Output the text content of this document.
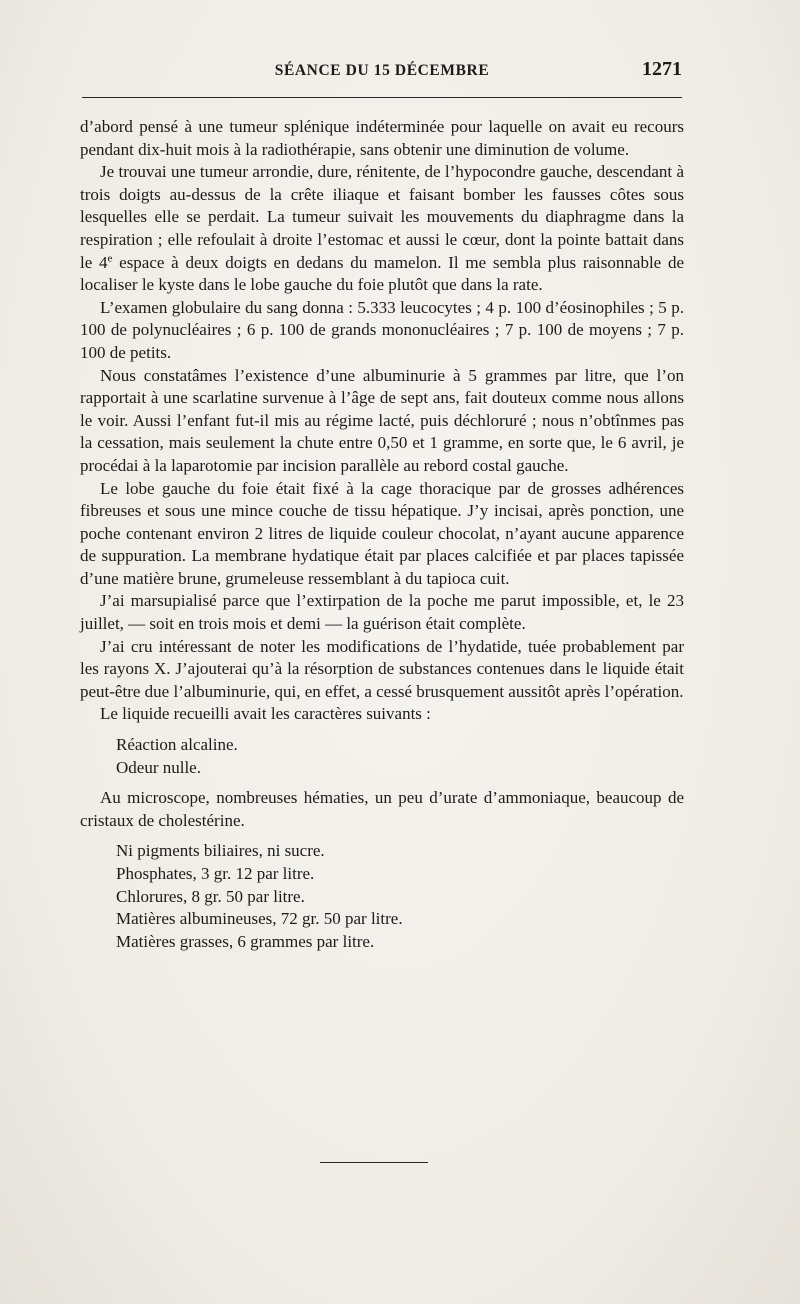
SÉANCE DU 15 DÉCEMBRE	1271

d’abord pensé à une tumeur splénique indéterminée pour laquelle on avait eu recours pendant dix-huit mois à la radiothérapie, sans obtenir une diminution de volume.

Je trouvai une tumeur arrondie, dure, rénitente, de l’hypocondre gauche, descendant à trois doigts au-dessus de la crête iliaque et faisant bomber les fausses côtes sous lesquelles elle se perdait. La tumeur suivait les mouvements du diaphragme dans la respiration ; elle refoulait à droite l’estomac et aussi le cœur, dont la pointe battait dans le 4e espace à deux doigts en dedans du mamelon. Il me sembla plus raisonnable de localiser le kyste dans le lobe gauche du foie plutôt que dans la rate.

L’examen globulaire du sang donna : 5.333 leucocytes ; 4 p. 100 d’éosinophiles ; 5 p. 100 de polynucléaires ; 6 p. 100 de grands mononucléaires ; 7 p. 100 de moyens ; 7 p. 100 de petits.

Nous constatâmes l’existence d’une albuminurie à 5 grammes par litre, que l’on rapportait à une scarlatine survenue à l’âge de sept ans, fait douteux comme nous allons le voir. Aussi l’enfant fut-il mis au régime lacté, puis déchloruré ; nous n’obtînmes pas la cessation, mais seulement la chute entre 0,50 et 1 gramme, en sorte que, le 6 avril, je procédai à la laparotomie par incision parallèle au rebord costal gauche.

Le lobe gauche du foie était fixé à la cage thoracique par de grosses adhérences fibreuses et sous une mince couche de tissu hépatique. J’y incisai, après ponction, une poche contenant environ 2 litres de liquide couleur chocolat, n’ayant aucune apparence de suppuration. La membrane hydatique était par places calcifiée et par places tapissée d’une matière brune, grumeleuse ressemblant à du tapioca cuit.

J’ai marsupialisé parce que l’extirpation de la poche me parut impossible, et, le 23 juillet, — soit en trois mois et demi — la guérison était complète.

J’ai cru intéressant de noter les modifications de l’hydatide, tuée probablement par les rayons X. J’ajouterai qu’à la résorption de substances contenues dans le liquide était peut-être due l’albuminurie, qui, en effet, a cessé brusquement aussitôt après l’opération.

Le liquide recueilli avait les caractères suivants :

Réaction alcaline.

Odeur nulle.

Au microscope, nombreuses hématies, un peu d’urate d’ammoniaque, beaucoup de cristaux de cholestérine.

Ni pigments biliaires, ni sucre.

Phosphates, 3 gr. 12 par litre.

Chlorures, 8 gr. 50 par litre.

Matières albumineuses, 72 gr. 50 par litre.

Matières grasses, 6 grammes par litre.
